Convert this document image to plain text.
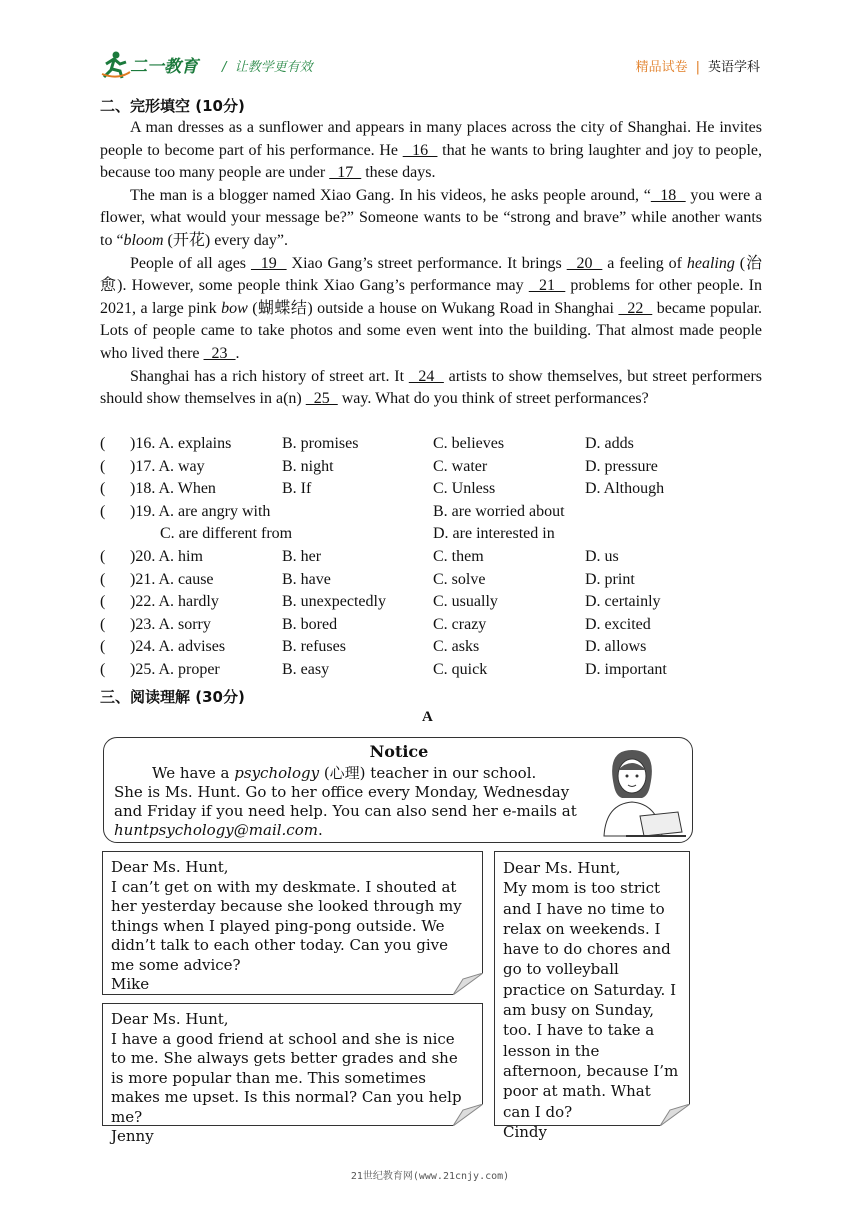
二一教育 / 让教学更有效	精品试卷 | 英语学科
二、完形填空 (10分)

A man dresses as a sunflower and appears in many places across the city of Shanghai. He invites people to become part of his performance. He   16   that he wants to bring laughter and joy to people, because too many people are under   17   these days.

The man is a blogger named Xiao Gang. In his videos, he asks people around, “  18   you were a flower, what would your message be?” Someone wants to be “strong and brave” while another wants to “bloom (开花) every day”.

People of all ages   19   Xiao Gang’s street performance. It brings   20   a feeling of healing (治愈). However, some people think Xiao Gang’s performance may   21   problems for other people. In 2021, a large pink bow (蝴蝶结) outside a house on Wukang Road in Shanghai   22   became popular. Lots of people came to take photos and some even went into the building. That almost made people who lived there   23  .

Shanghai has a rich history of street art. It   24   artists to show themselves, but street performers should show themselves in a(n)   25   way. What do you think of street performances?

( )16. A. explains	B. promises	C. believes	D. adds
( )17. A. way	B. night	C. water	D. pressure
( )18. A. When	B. If	C. Unless	D. Although
( )19. A. are angry with	B. are worried about
C. are different from	D. are interested in
( )20. A. him	B. her	C. them	D. us
( )21. A. cause	B. have	C. solve	D. print
( )22. A. hardly	B. unexpectedly	C. usually	D. certainly
( )23. A. sorry	B. bored	C. crazy	D. excited
( )24. A. advises	B. refuses	C. asks	D. allows
( )25. A. proper	B. easy	C. quick	D. important
三、阅读理解 (30分)
A
Notice
We have a psychology (心理) teacher in our school.
She is Ms. Hunt. Go to her office every Monday, Wednesday and Friday if you need help. You can also send her e-mails at huntpsychology@mail.com.
Dear Ms. Hunt,
I can’t get on with my deskmate. I shouted at her yesterday because she looked through my things when I played ping-pong outside. We didn’t talk to each other today. Can you give me some advice?
Mike
Dear Ms. Hunt,
I have a good friend at school and she is nice to me. She always gets better grades and she is more popular than me. This sometimes makes me upset. Is this normal? Can you help me?
Jenny
Dear Ms. Hunt,
My mom is too strict and I have no time to relax on weekends. I have to do chores and go to volleyball practice on Saturday. I am busy on Sunday, too. I have to take a lesson in the afternoon, because I’m poor at math. What can I do?
Cindy
21世纪教育网(www.21cnjy.com)
